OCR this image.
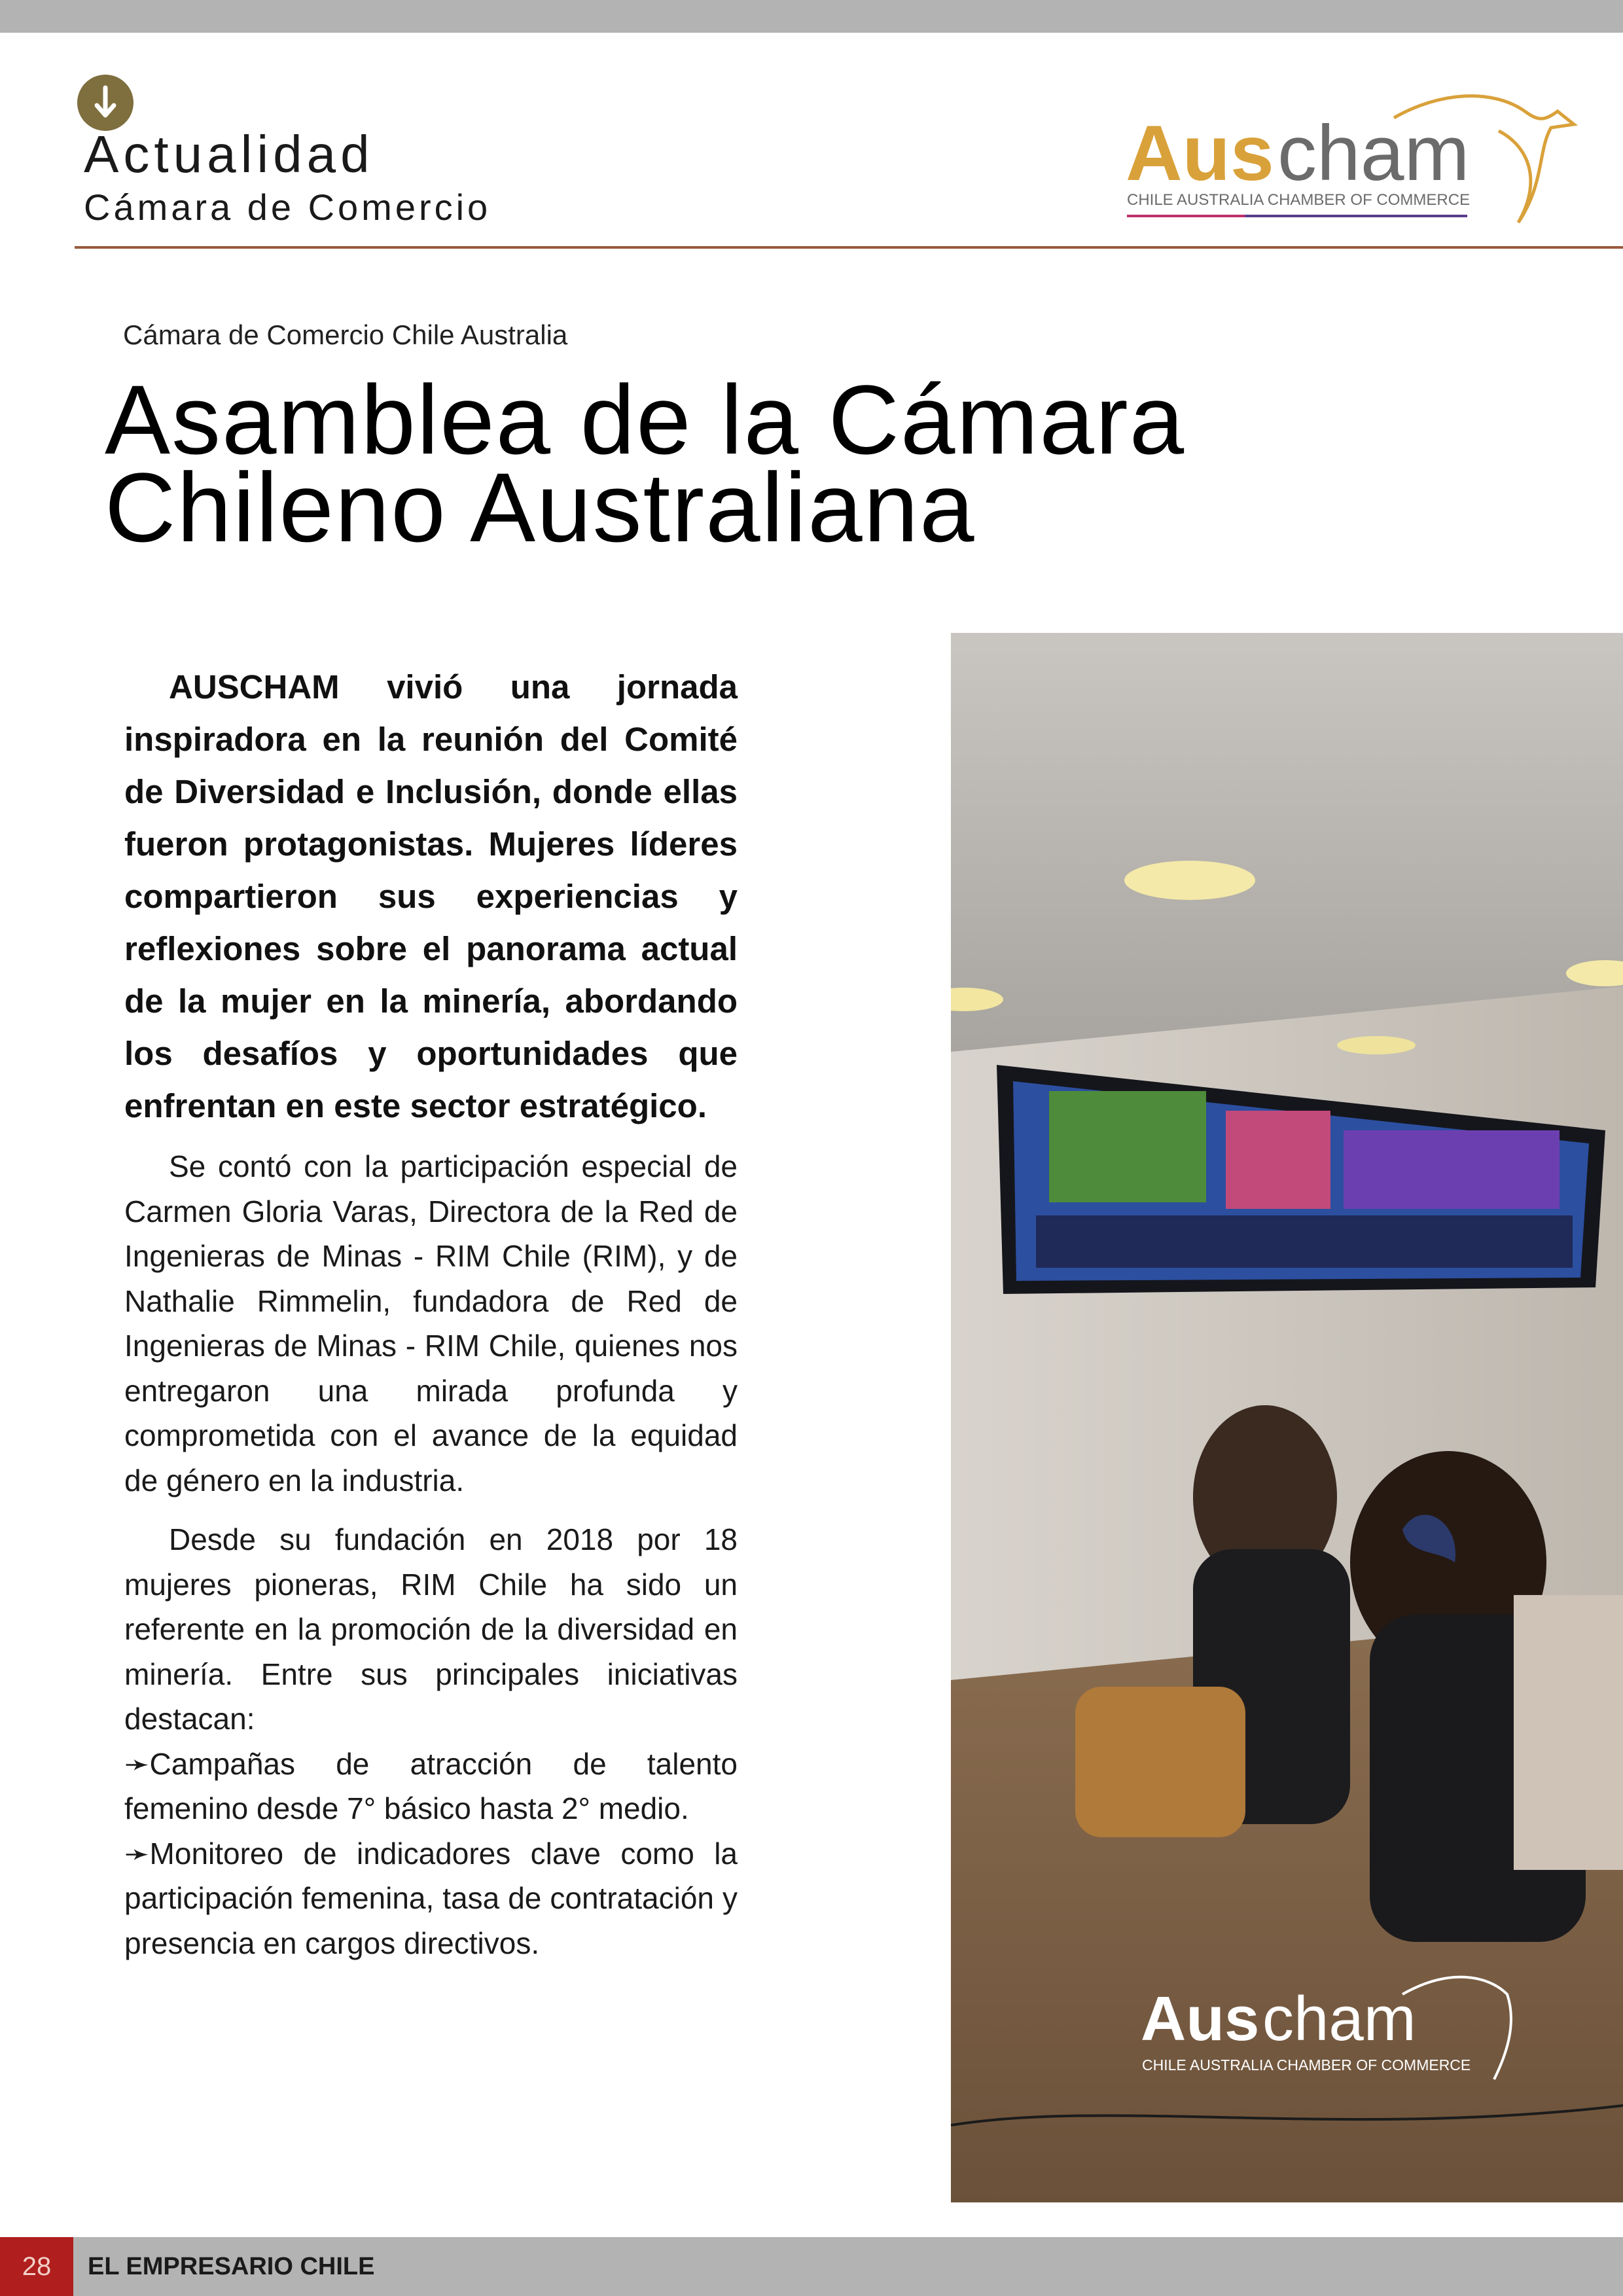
Actualidad
Cámara de Comercio
Aus cham
CHILE AUSTRALIA CHAMBER OF COMMERCE
Cámara de Comercio Chile Australia
Asamblea de la Cámara
Chileno Australiana

AUSCHAM vivió una jornada inspiradora en la reunión del Comité de Diversidad e Inclusión, donde ellas fueron protagonistas. Mujeres líderes compartieron sus experiencias y reflexiones sobre el panorama actual de la mujer en la minería, abordando los desafíos y oportunidades que enfrentan en este sector estratégico.

Se contó con la participación especial de Carmen Gloria Varas, Directora de la Red de Ingenieras de Minas - RIM Chile (RIM), y de Nathalie Rimmelin, fundadora de Red de Ingenieras de Minas - RIM Chile, quienes nos entregaron una mirada profunda y comprometida con el avance de la equidad de género en la industria.

Desde su fundación en 2018 por 18 mujeres pioneras, RIM Chile ha sido un referente en la promoción de la diversidad en minería. Entre sus principales iniciativas destacan:
➛Campañas de atracción de talento femenino desde 7° básico hasta 2° medio.
➛Monitoreo de indicadores clave como la participación femenina, tasa de contratación y presencia en cargos directivos.

Aus cham
CHILE AUSTRALIA CHAMBER OF COMMERCE
28	EL EMPRESARIO CHILE
